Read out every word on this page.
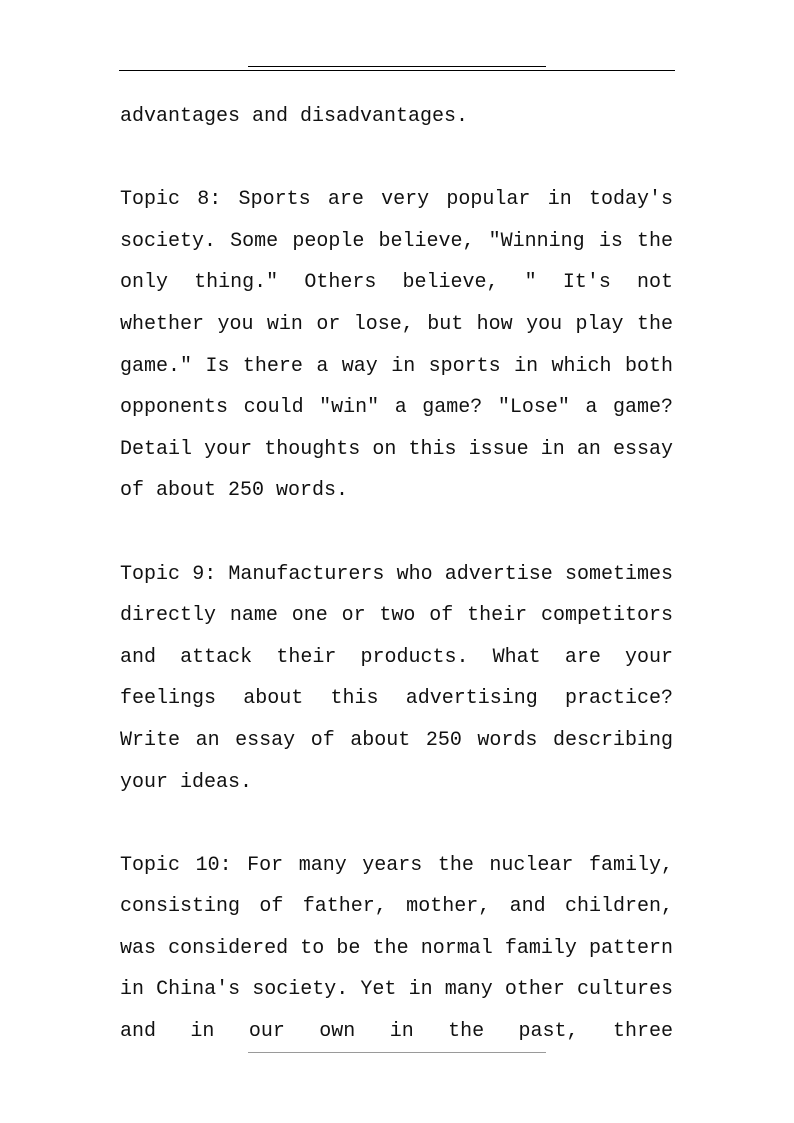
advantages and disadvantages.

Topic 8: Sports are very popular in today's society. Some people believe, "Winning is the only thing." Others believe, " It's not whether you win or lose, but how you play the game." Is there a way in sports in which both opponents could "win" a game? "Lose" a game? Detail your thoughts on this issue in an essay of about 250 words.

Topic 9: Manufacturers who advertise sometimes directly name one or two of their competitors and attack their products. What are your feelings about this advertising practice? Write an essay of about 250 words describing your ideas.

Topic 10: For many years the nuclear family, consisting of father, mother, and children, was considered to be the normal family pattern in China's society. Yet in many other cultures and in our own in the past, three
